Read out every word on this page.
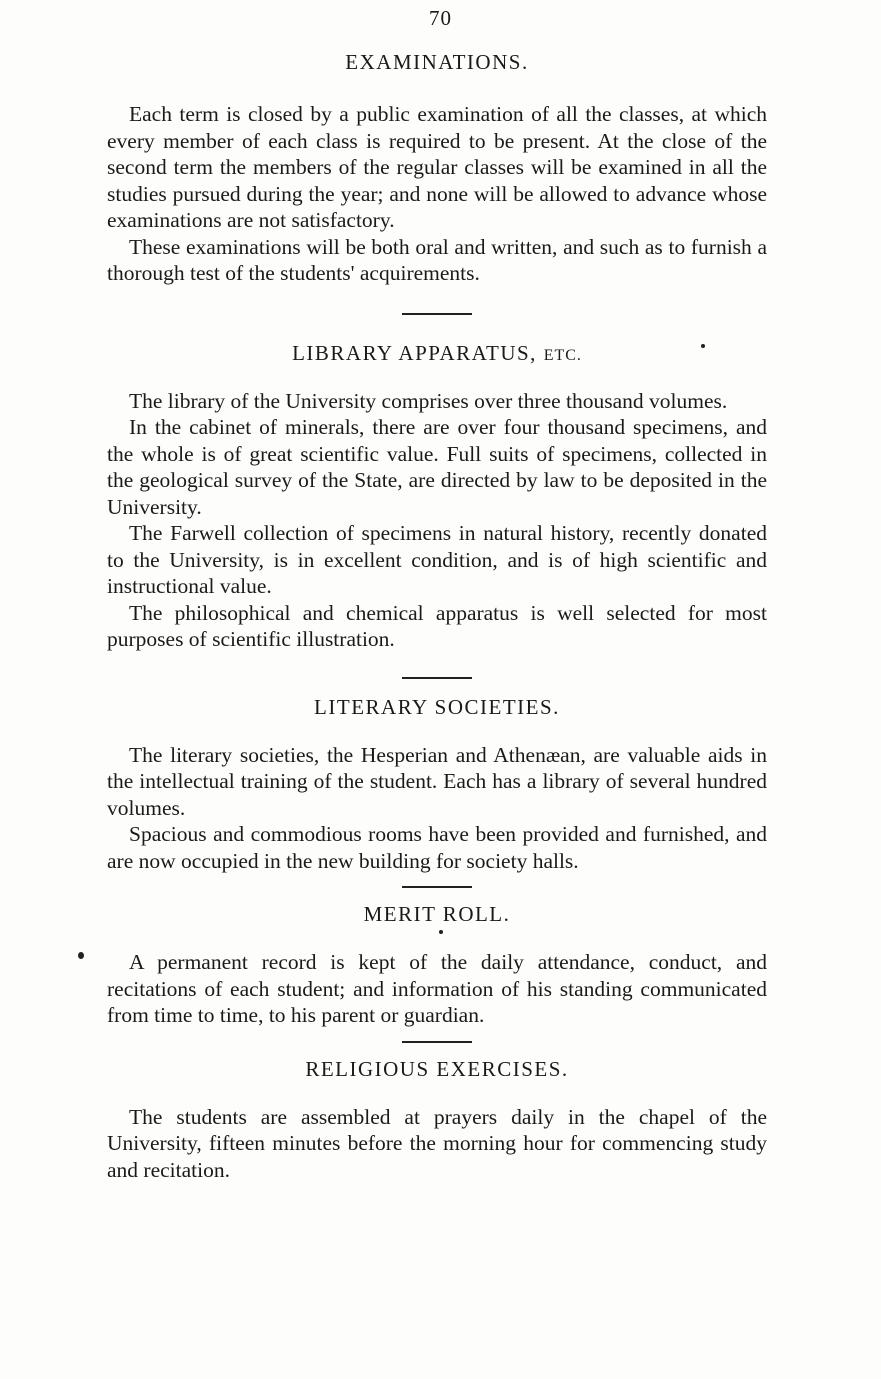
70
EXAMINATIONS.

Each term is closed by a public examination of all the classes, at which every member of each class is required to be present. At the close of the second term the members of the regular classes will be examined in all the studies pursued during the year; and none will be allowed to advance whose examinations are not satisfactory.

These examinations will be both oral and written, and such as to furnish a thorough test of the students' acquirements.

LIBRARY APPARATUS, ETC.

The library of the University comprises over three thousand volumes.

In the cabinet of minerals, there are over four thousand specimens, and the whole is of great scientific value. Full suits of specimens, collected in the geological survey of the State, are directed by law to be deposited in the University.

The Farwell collection of specimens in natural history, recently donated to the University, is in excellent condition, and is of high scientific and instructional value.

The philosophical and chemical apparatus is well selected for most purposes of scientific illustration.

LITERARY SOCIETIES.

The literary societies, the Hesperian and Athenæan, are valuable aids in the intellectual training of the student. Each has a library of several hundred volumes.

Spacious and commodious rooms have been provided and furnished, and are now occupied in the new building for society halls.

MERIT ROLL.

A permanent record is kept of the daily attendance, conduct, and recitations of each student; and information of his standing communicated from time to time, to his parent or guardian.

RELIGIOUS EXERCISES.

The students are assembled at prayers daily in the chapel of the University, fifteen minutes before the morning hour for commencing study and recitation.
